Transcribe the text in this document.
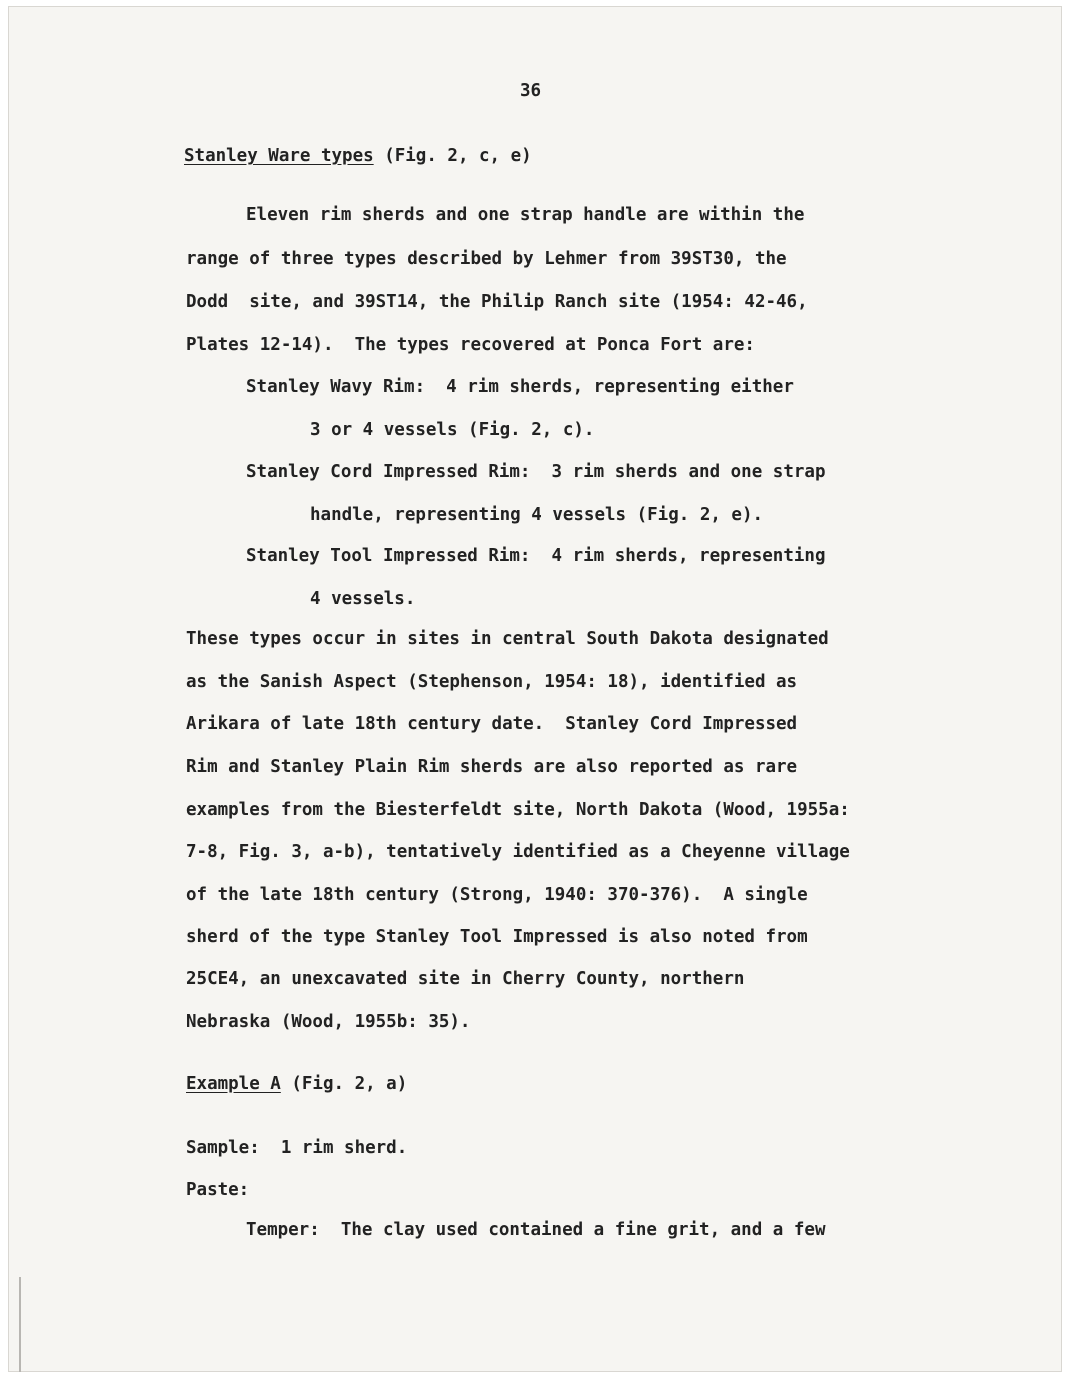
36
Stanley Ware types (Fig. 2, c, e)
Eleven rim sherds and one strap handle are within the
range of three types described by Lehmer from 39ST30, the
Dodd  site, and 39ST14, the Philip Ranch site (1954: 42-46,
Plates 12-14).  The types recovered at Ponca Fort are:
Stanley Wavy Rim:  4 rim sherds, representing either
3 or 4 vessels (Fig. 2, c).
Stanley Cord Impressed Rim:  3 rim sherds and one strap
handle, representing 4 vessels (Fig. 2, e).
Stanley Tool Impressed Rim:  4 rim sherds, representing
4 vessels.
These types occur in sites in central South Dakota designated
as the Sanish Aspect (Stephenson, 1954: 18), identified as
Arikara of late 18th century date.  Stanley Cord Impressed
Rim and Stanley Plain Rim sherds are also reported as rare
examples from the Biesterfeldt site, North Dakota (Wood, 1955a:
7-8, Fig. 3, a-b), tentatively identified as a Cheyenne village
of the late 18th century (Strong, 1940: 370-376).  A single
sherd of the type Stanley Tool Impressed is also noted from
25CE4, an unexcavated site in Cherry County, northern
Nebraska (Wood, 1955b: 35).
Example A (Fig. 2, a)
Sample:  1 rim sherd.
Paste:
Temper:  The clay used contained a fine grit, and a few
